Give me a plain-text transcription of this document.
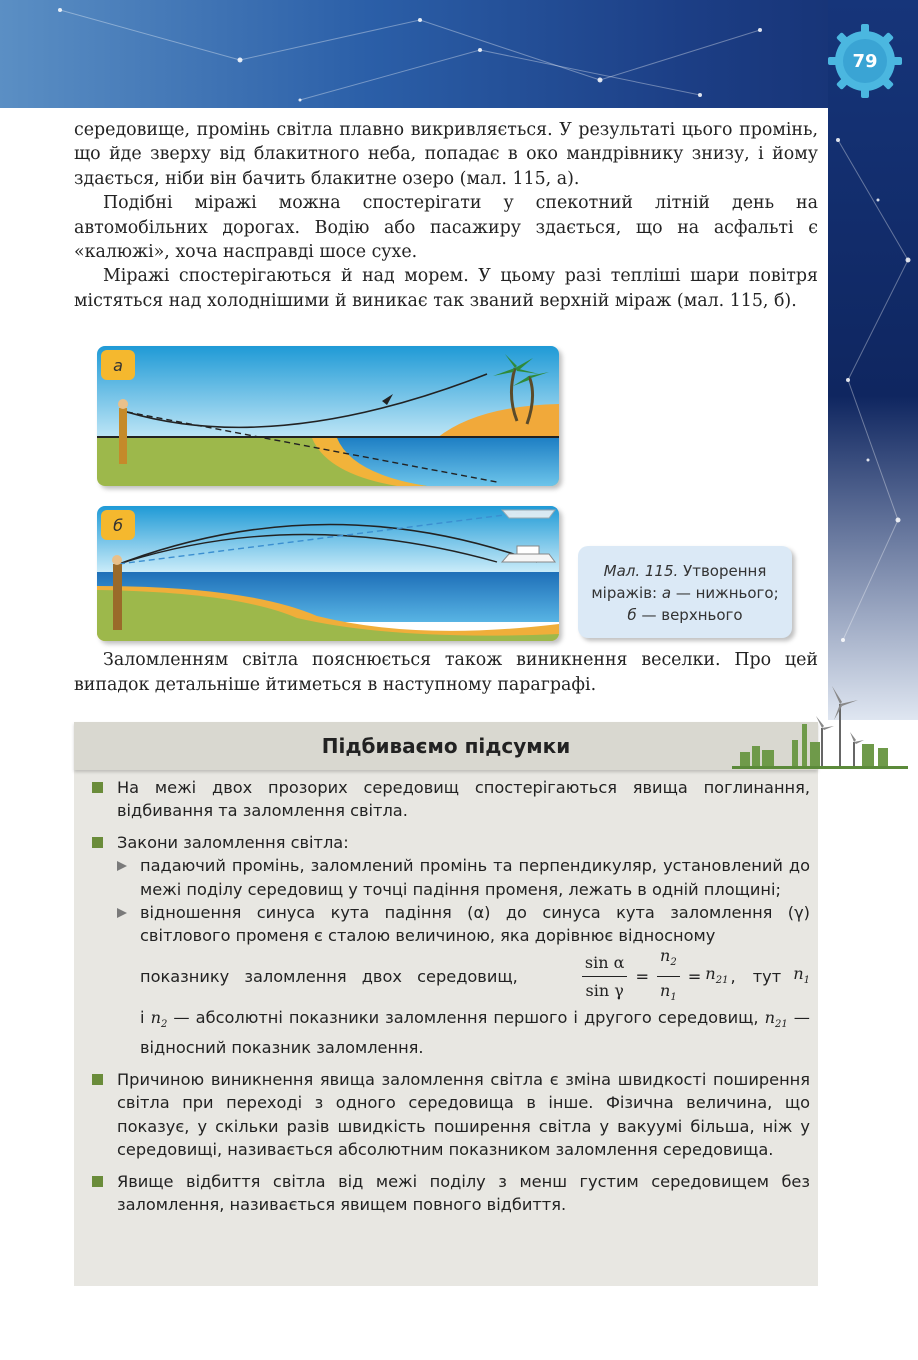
79

середовище, промінь світла плавно викривляється. У результаті цього промінь, що йде зверху від блакитного неба, попадає в око мандрівнику знизу, і йому здається, ніби він бачить блакитне озеро (мал. 115, а).

Подібні міражі можна спостерігати у спекотний літній день на автомобільних дорогах. Водію або пасажиру здається, що на асфальті є «калюжі», хоча насправді шосе сухе.

Міражі спостерігаються й над морем. У цьому разі тепліші шари повітря містяться над холоднішими й виникає так званий верхній міраж (мал. 115, б).

а
б
Мал. 115. Утворення
міражів: а — нижнього;
б — верхнього

Заломленням світла пояснюється також виникнення веселки. Про цей випадок детальніше йтиметься в наступному параграфі.

Підбиваємо підсумки
На межі двох прозорих середовищ спостерігаються явища поглинання, відбивання та заломлення світла.
Закони заломлення світла:
падаючий промінь, заломлений промінь та перпендикуляр, установлений до межі поділу середовищ у точці падіння променя, лежать в одній площині;
відношення синуса кута падіння (α) до синуса кута заломлення (γ) світлового променя є сталою величиною, яка дорівнює відносному
показнику заломлення двох середовищ,	$\frac{\text{sin α}}{\text{sin γ}} = \frac{n_2}{n_1} = n_{21}$ , тут $n_1$
і $n_2$ — абсолютні показники заломлення першого і другого середовищ, $n_{21}$ — відносний показник заломлення.
Причиною виникнення явища заломлення світла є зміна швидкості поширення світла при переході з одного середовища в інше. Фізична величина, що показує, у скільки разів швидкість поширення світла у вакуумі більша, ніж у середовищі, називається абсолютним показником заломлення середовища.
Явище відбиття світла від межі поділу з менш густим середовищем без заломлення, називається явищем повного відбиття.
